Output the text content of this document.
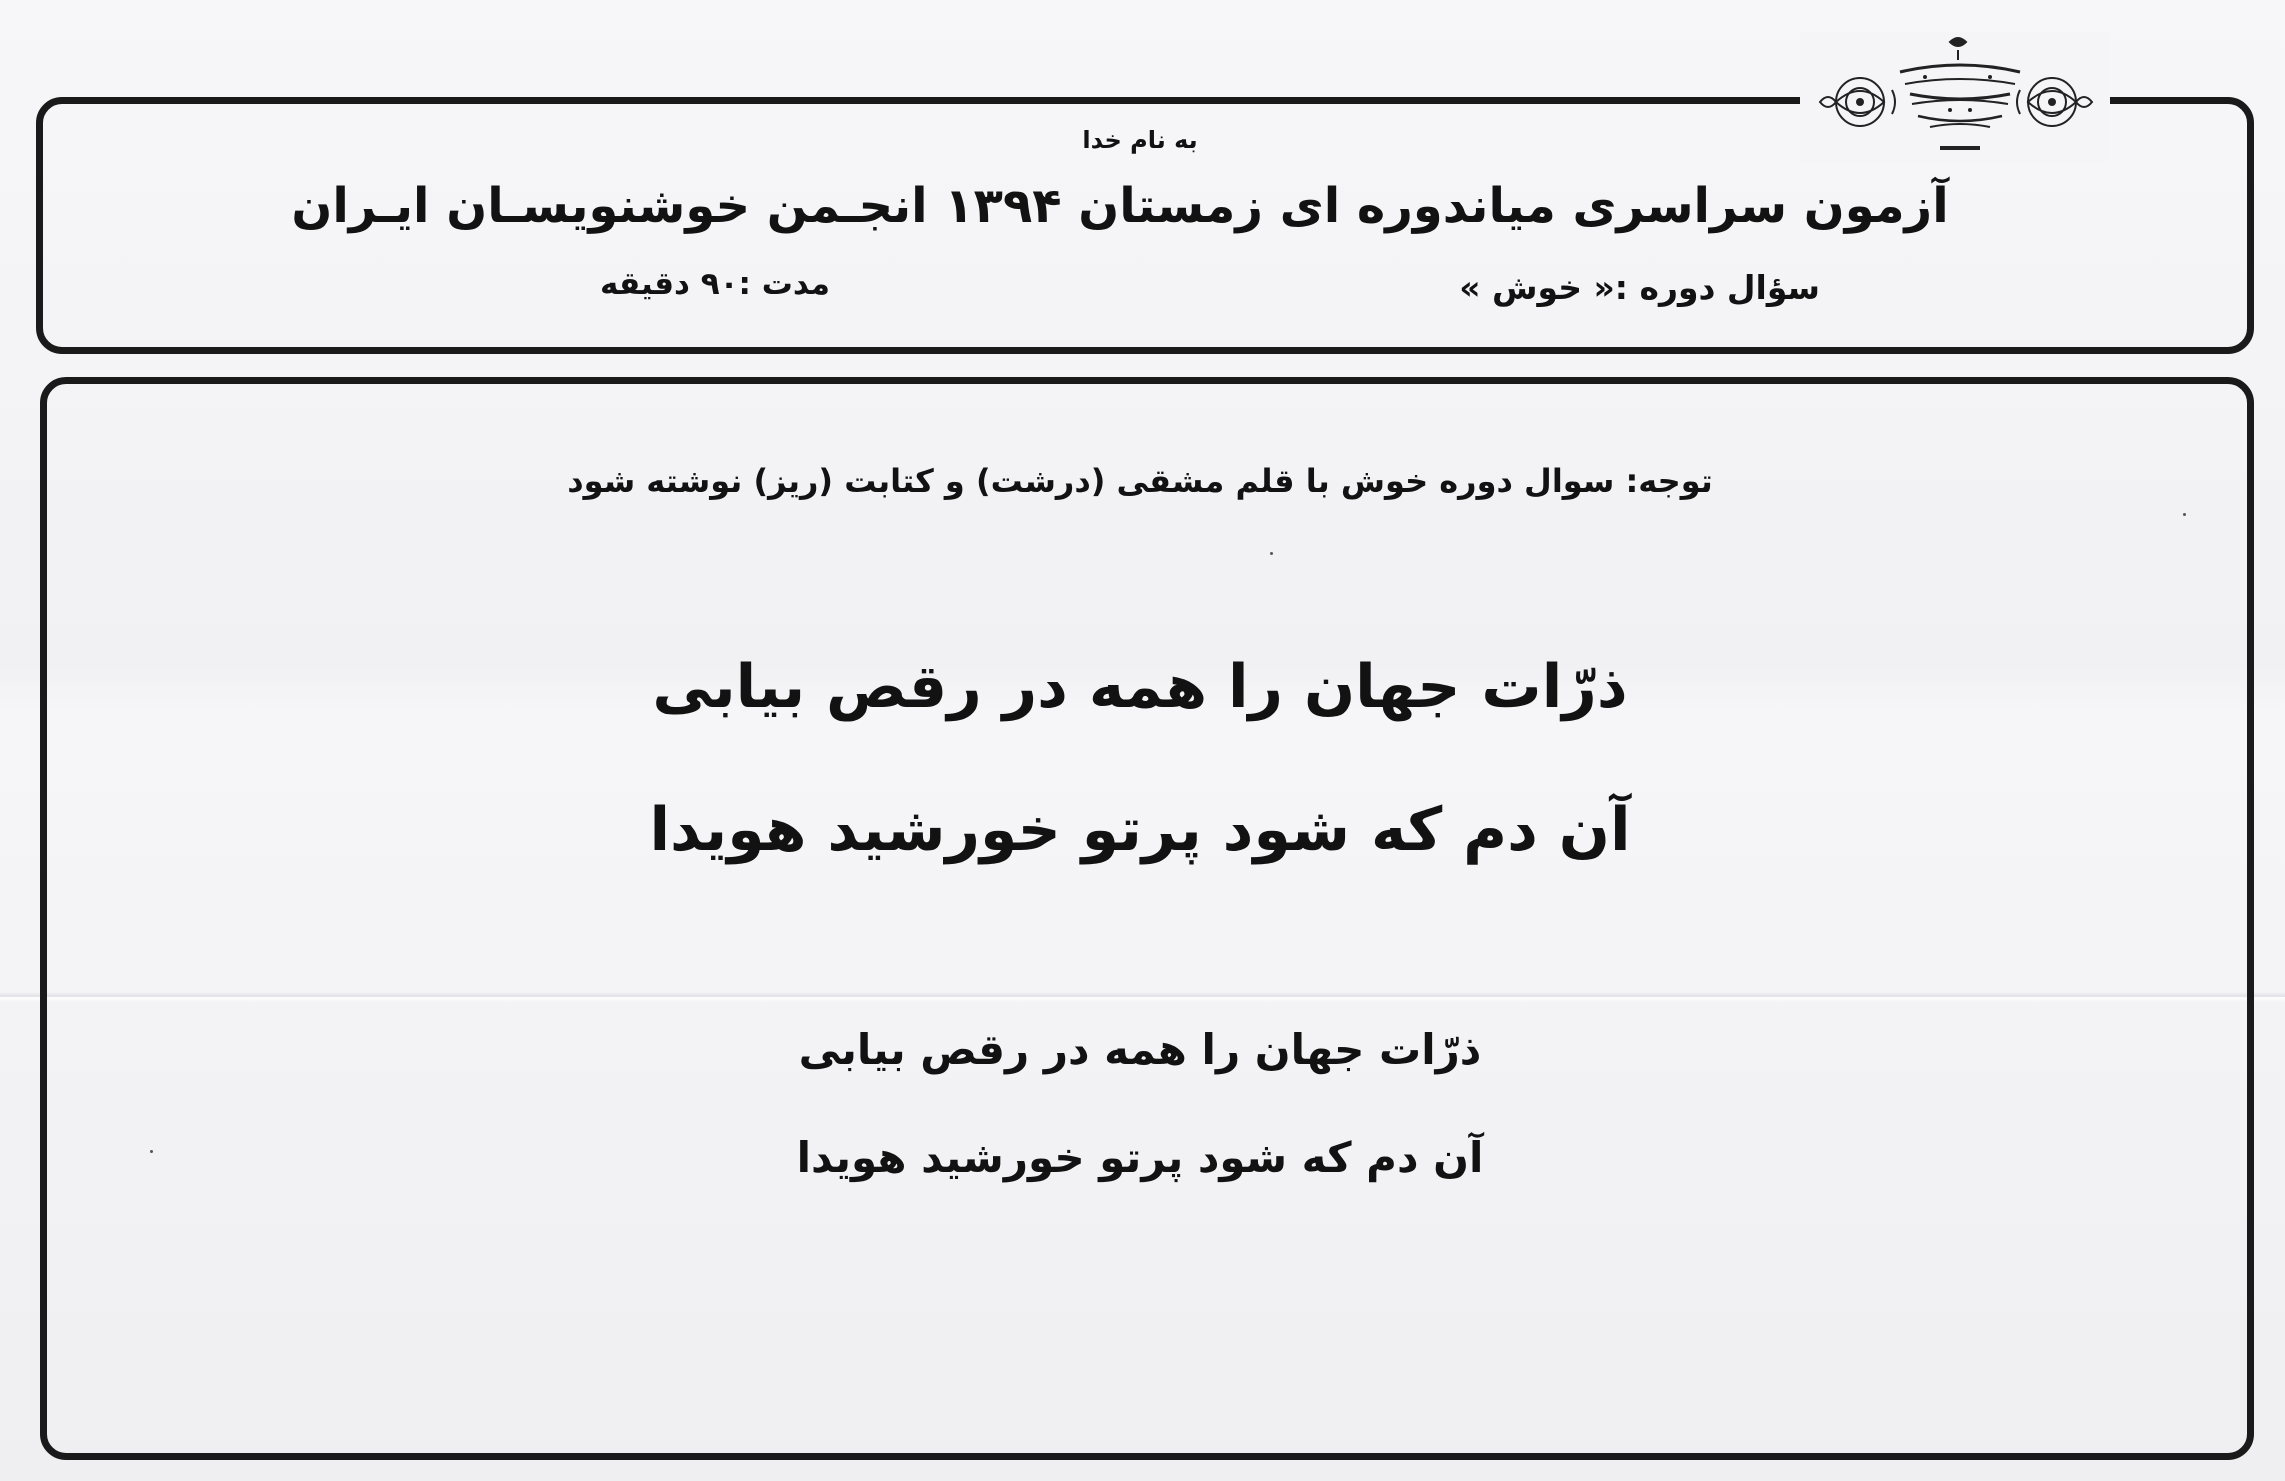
به نام خدا
آزمون سراسری میاندوره ای زمستان ۱۳۹۴ انجـمن خوشنویسـان ایـران
سؤال دوره :« خوش »
مدت :۹۰ دقیقه
توجه: سوال دوره خوش با قلم مشقی (درشت) و کتابت (ریز) نوشته شود
ذرّات جهان را همه در رقص بیابی
آن دم که شود پرتو خورشید هویدا
ذرّات جهان را همه در رقص بیابی
آن دم که شود پرتو خورشید هویدا
